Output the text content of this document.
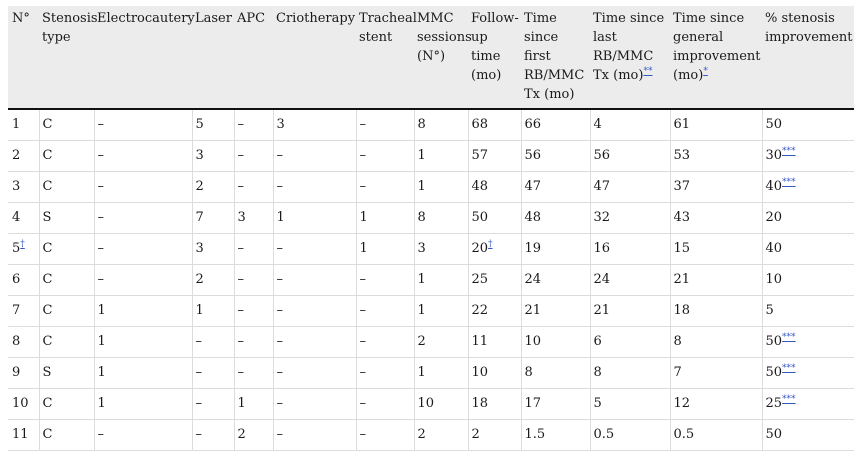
N°	Stenosis type	Electrocautery	Laser	APC	Criotherapy	Tracheal stent	MMC sessions (N°)	Follow-up time (mo)	Time since first RB/MMC Tx (mo)	Time since last RB/MMC Tx (mo)**	Time since general improvement (mo)*	% stenosis improvement
1	C	–	5	–	3	–	8	68	66	4	61	50
2	C	–	3	–	–	–	1	57	56	56	53	30***
3	C	–	2	–	–	–	1	48	47	47	37	40***
4	S	–	7	3	1	1	8	50	48	32	43	20
5†	C	–	3	–	–	1	3	20†	19	16	15	40
6	C	–	2	–	–	–	1	25	24	24	21	10
7	C	1	1	–	–	–	1	22	21	21	18	5
8	C	1	–	–	–	–	2	11	10	6	8	50***
9	S	1	–	–	–	–	1	10	8	8	7	50***
10	C	1	–	1	–	–	10	18	17	5	12	25***
11	C	–	–	2	–	–	2	2	1.5	0.5	0.5	50
